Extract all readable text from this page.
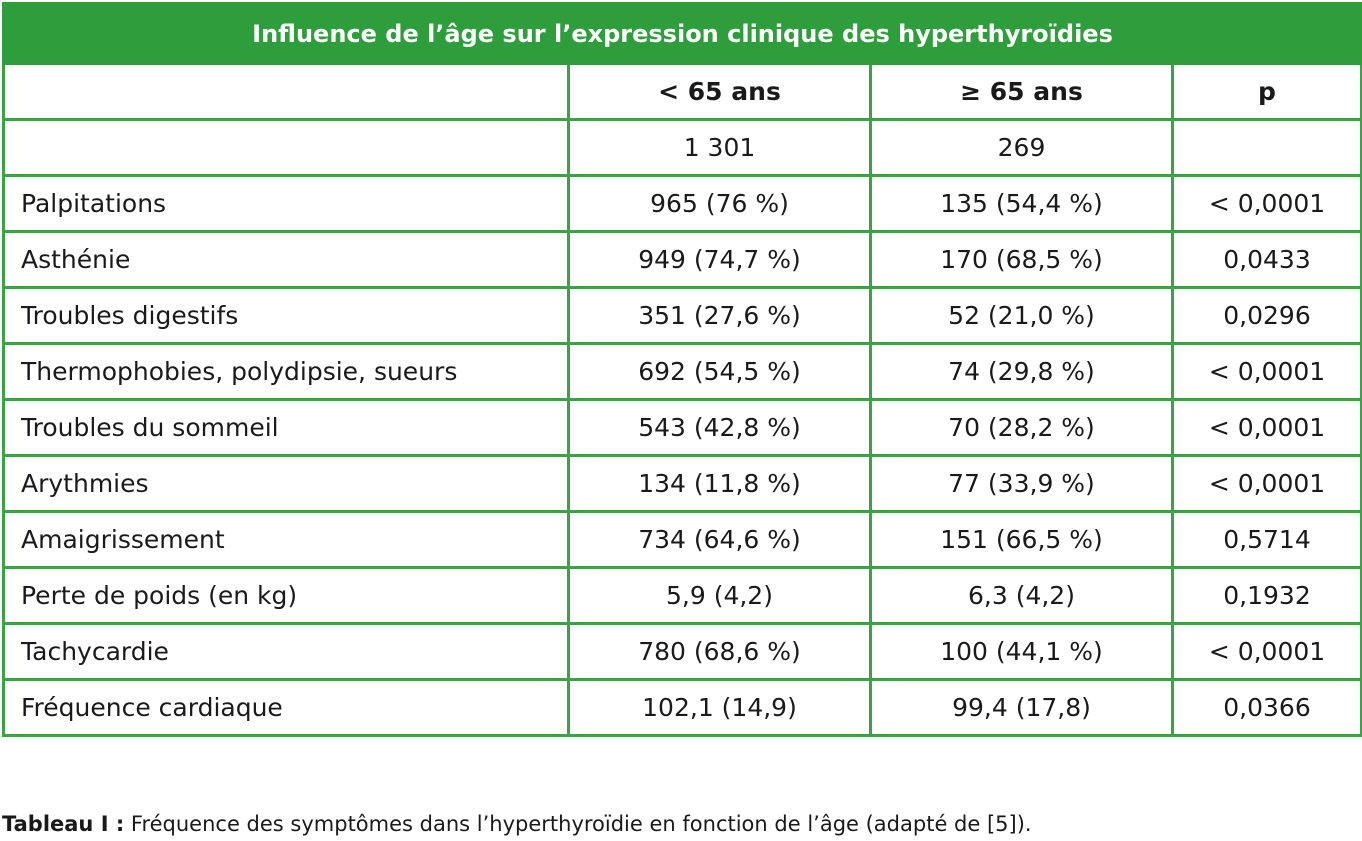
Influence de l’âge sur l’expression clinique des hyperthyroïdies			
	< 65 ans	≥ 65 ans	p
	1 301	269	
Palpitations	965 (76 %)	135 (54,4 %)	< 0,0001
Asthénie	949 (74,7 %)	170 (68,5 %)	0,0433
Troubles digestifs	351 (27,6 %)	52 (21,0 %)	0,0296
Thermophobies, polydipsie, sueurs	692 (54,5 %)	74 (29,8 %)	< 0,0001
Troubles du sommeil	543 (42,8 %)	70 (28,2 %)	< 0,0001
Arythmies	134 (11,8 %)	77 (33,9 %)	< 0,0001
Amaigrissement	734 (64,6 %)	151 (66,5 %)	0,5714
Perte de poids (en kg)	5,9 (4,2)	6,3 (4,2)	0,1932
Tachycardie	780 (68,6 %)	100 (44,1 %)	< 0,0001
Fréquence cardiaque	102,1 (14,9)	99,4 (17,8)	0,0366
Tableau I : Fréquence des symptômes dans l’hyperthyroïdie en fonction de l’âge (adapté de [5]).
